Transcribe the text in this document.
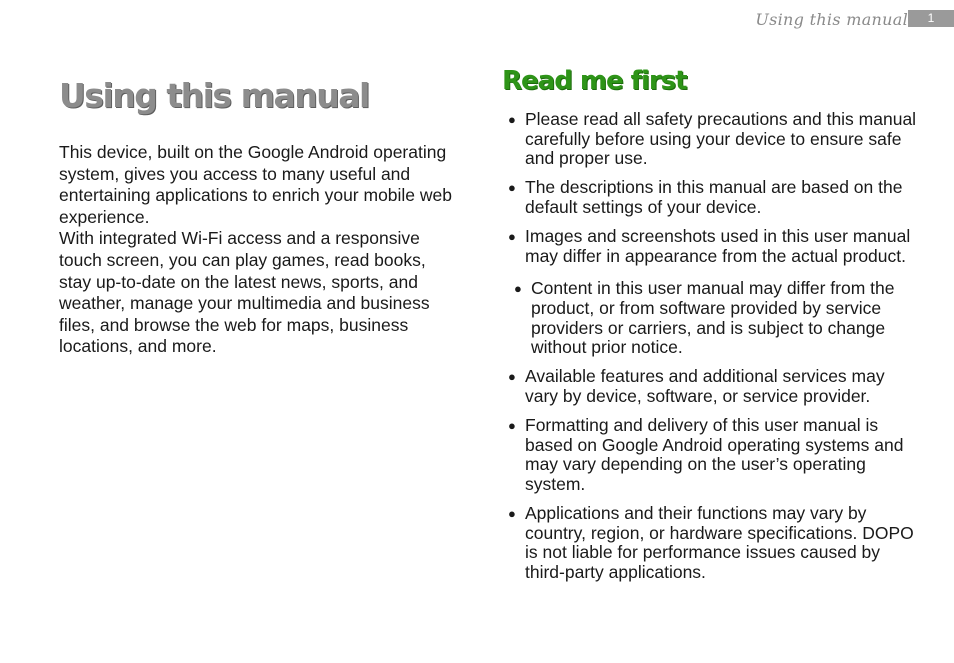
Using this manual	1
Using this manual

This device, built on the Google Android operating system, gives you access to many useful and entertaining applications to enrich your mobile web experience.

With integrated Wi-Fi access and a responsive touch screen, you can play games, read books, stay up-to-date on the latest news, sports, and weather, manage your multimedia and business files, and browse the web for maps, business locations, and more.

Read me first
● Please read all safety precautions and this manual carefully before using your device to ensure safe and proper use.
● The descriptions in this manual are based on the default settings of your device.
● Images and screenshots used in this user manual may differ in appearance from the actual product.
● Content in this user manual may differ from the product, or from software provided by service providers or carriers, and is subject to change without prior notice.
● Available features and additional services may vary by device, software, or service provider.
● Formatting and delivery of this user manual is based on Google Android operating systems and may vary depending on the user’s operating system.
● Applications and their functions may vary by country, region, or hardware specifications. DOPO is not liable for performance issues caused by third-party applications.
